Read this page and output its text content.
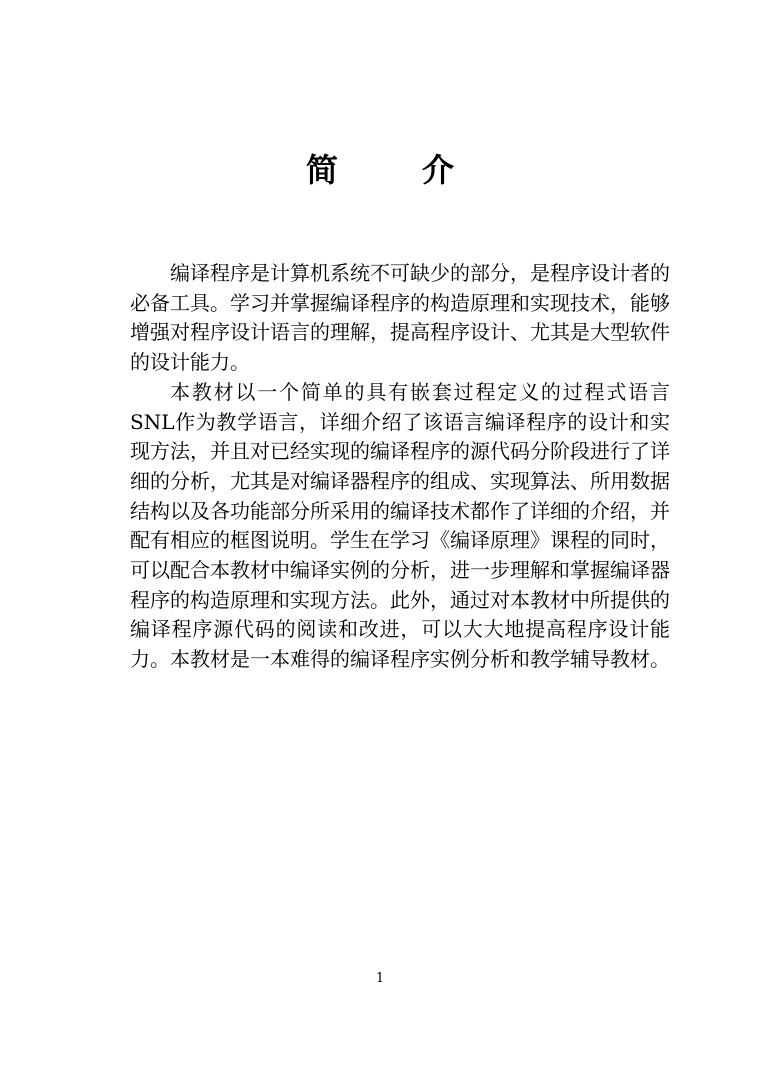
简　介

编译程序是计算机系统不可缺少的部分，是程序设计者的必备工具。学习并掌握编译程序的构造原理和实现技术，能够增强对程序设计语言的理解，提高程序设计、尤其是大型软件的设计能力。

本教材以一个简单的具有嵌套过程定义的过程式语言SNL作为教学语言，详细介绍了该语言编译程序的设计和实现方法，并且对已经实现的编译程序的源代码分阶段进行了详细的分析，尤其是对编译器程序的组成、实现算法、所用数据结构以及各功能部分所采用的编译技术都作了详细的介绍，并配有相应的框图说明。学生在学习《编译原理》课程的同时，可以配合本教材中编译实例的分析，进一步理解和掌握编译器程序的构造原理和实现方法。此外，通过对本教材中所提供的编译程序源代码的阅读和改进，可以大大地提高程序设计能力。本教材是一本难得的编译程序实例分析和教学辅导教材。

1
